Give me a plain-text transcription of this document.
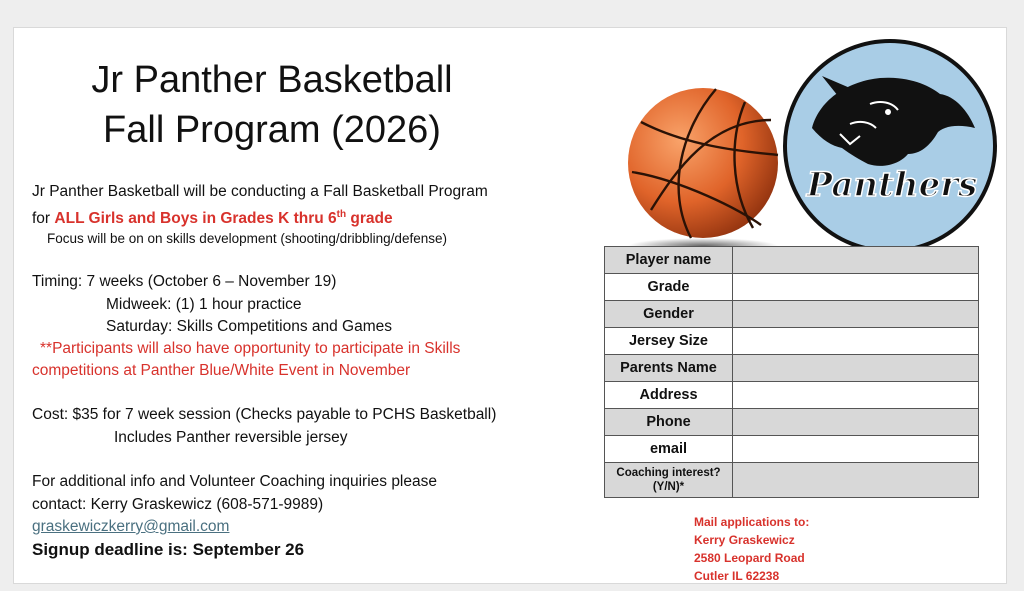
Jr Panther Basketball
Fall Program (2026)
Jr Panther Basketball will be conducting a Fall Basketball Program
for ALL Girls and Boys in Grades K thru 6th grade
Focus will be on on skills development (shooting/dribbling/defense)
Timing: 7 weeks (October 6 – November 19)
Midweek: (1) 1 hour practice
Saturday: Skills Competitions and Games
**Participants will also have opportunity to participate in Skills
competitions at Panther Blue/White Event in November
Cost: $35 for 7 week session (Checks payable to PCHS Basketball)
Includes Panther reversible jersey
For additional info and Volunteer Coaching inquiries please
contact: Kerry Graskewicz (608-571-9989)
graskewiczkerry@gmail.com
Signup deadline is: September 26
Panthers
Player name	
Grade	
Gender	
Jersey Size	
Parents Name	
Address	
Phone	
email	
Coaching interest?
(Y/N)*	
Mail applications to:
Kerry Graskewicz
2580 Leopard Road
Cutler IL 62238
